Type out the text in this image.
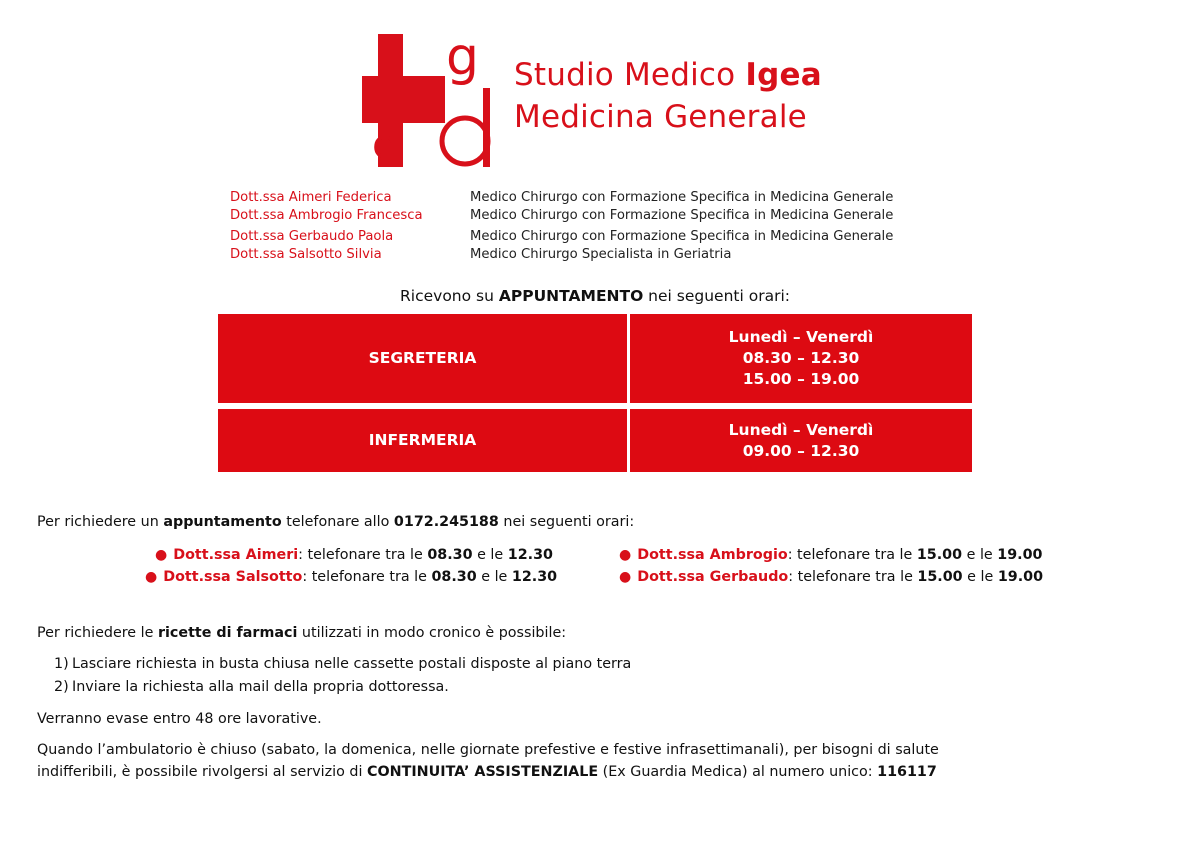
g
e
i	Studio Medico Igea
Medicina Generale
Dott.ssa Aimeri Federica	Medico Chirurgo con Formazione Specifica in Medicina Generale
Dott.ssa Ambrogio Francesca	Medico Chirurgo con Formazione Specifica in Medicina Generale
Dott.ssa Gerbaudo Paola	Medico Chirurgo con Formazione Specifica in Medicina Generale
Dott.ssa Salsotto Silvia	Medico Chirurgo Specialista in Geriatria
Ricevono su APPUNTAMENTO nei seguenti orari:
SEGRETERIA
Lunedì – Venerdì
08.30 – 12.30
15.00 – 19.00
INFERMERIA
Lunedì – Venerdì
09.00 – 12.30
Per richiedere un appuntamento telefonare allo 0172.245188 nei seguenti orari:
● Dott.ssa Aimeri: telefonare tra le 08.30 e le 12.30	● Dott.ssa Ambrogio: telefonare tra le 15.00 e le 19.00
● Dott.ssa Salsotto: telefonare tra le 08.30 e le 12.30	● Dott.ssa Gerbaudo: telefonare tra le 15.00 e le 19.00
Per richiedere le ricette di farmaci utilizzati in modo cronico è possibile:
1) Lasciare richiesta in busta chiusa nelle cassette postali disposte al piano terra
2) Inviare la richiesta alla mail della propria dottoressa.
Verranno evase entro 48 ore lavorative.
Quando l’ambulatorio è chiuso (sabato, la domenica, nelle giornate prefestive e festive infrasettimanali), per bisogni di salute
indifferibili, è possibile rivolgersi al servizio di CONTINUITA’ ASSISTENZIALE (Ex Guardia Medica) al numero unico: 116117
